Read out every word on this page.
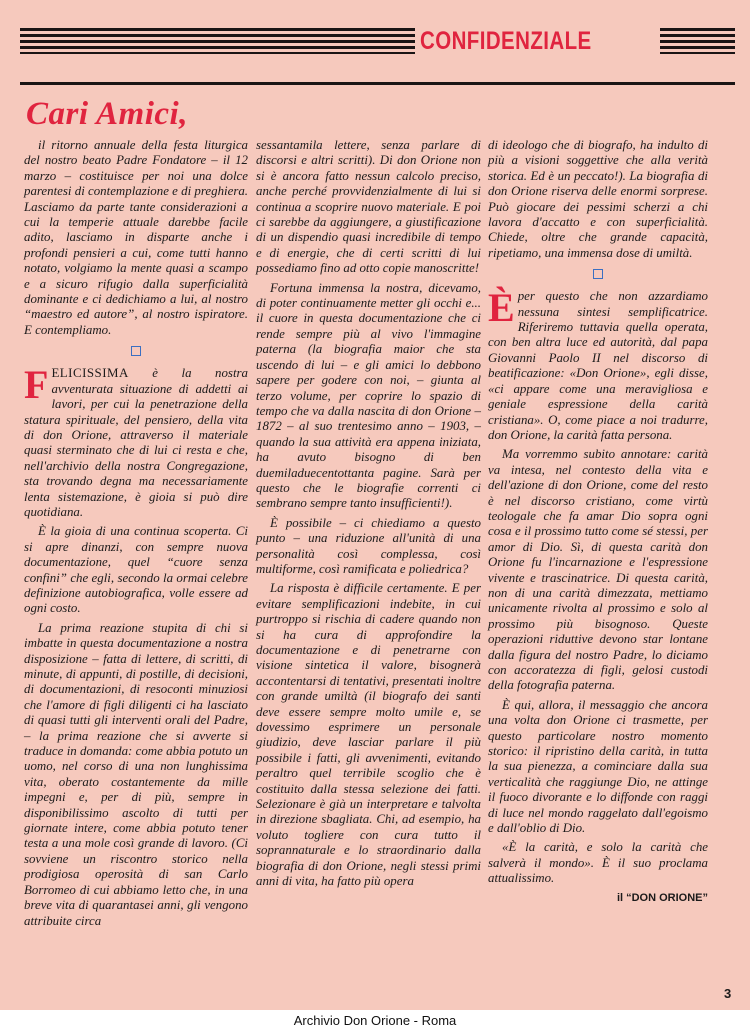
CONFIDENZIALE
Cari Amici,

il ritorno annuale della festa liturgica del nostro beato Padre Fondatore – il 12 marzo – costituisce per noi una dolce parentesi di contemplazione e di preghiera. Lasciamo da parte tante considerazioni a cui la temperie attuale darebbe facile adito, lasciamo in disparte anche i profondi pensieri a cui, come tutti hanno notato, volgiamo la mente quasi a scampo e a sicuro rifugio dalla superficialità dominante e ci dedichiamo a lui, al nostro “maestro ed autore”, al nostro ispiratore. E contempliamo.

FELICISSIMA è la nostra avventurata situazione di addetti ai lavori, per cui la penetrazione della statura spirituale, del pensiero, della vita di don Orione, attraverso il materiale quasi sterminato che di lui ci resta e che, nell'archivio della nostra Congregazione, sta trovando degna ma necessariamente lenta sistemazione, è gioia si può dire quotidiana.

È la gioia di una continua scoperta. Ci si apre dinanzi, con sempre nuova documentazione, quel “cuore senza confini” che egli, secondo la ormai celebre definizione autobiografica, volle essere ad ogni costo.

La prima reazione stupita di chi si imbatte in questa documentazione a nostra disposizione – fatta di lettere, di scritti, di minute, di appunti, di postille, di decisioni, di documentazioni, di resoconti minuziosi che l'amore di figli diligenti ci ha lasciato di quasi tutti gli interventi orali del Padre, – la prima reazione che si avverte si traduce in domanda: come abbia potuto un uomo, nel corso di una non lunghissima vita, oberato costantemente da mille impegni e, per di più, sempre in disponibilissimo ascolto di tutti per giornate intere, come abbia potuto tener testa a una mole così grande di lavoro. (Ci sovviene un riscontro storico nella prodigiosa operosità di san Carlo Borromeo di cui abbiamo letto che, in una breve vita di quarantasei anni, gli vengono attribuite circa

sessantamila lettere, senza parlare di discorsi e altri scritti). Di don Orione non si è ancora fatto nessun calcolo preciso, anche perché provvidenzialmente di lui si continua a scoprire nuovo materiale. E poi ci sarebbe da aggiungere, a giustificazione di un dispendio quasi incredibile di tempo e di energie, che di certi scritti di lui possediamo fino ad otto copie manoscritte!

Fortuna immensa la nostra, dicevamo, di poter continuamente metter gli occhi e... il cuore in questa documentazione che ci rende sempre più al vivo l'immagine paterna (la biografia maior che sta uscendo di lui – e gli amici lo debbono sapere per godere con noi, – giunta al terzo volume, per coprire lo spazio di tempo che va dalla nascita di don Orione – 1872 – al suo trentesimo anno – 1903, – quando la sua attività era appena iniziata, ha avuto bisogno di ben duemiladuecentottanta pagine. Sarà per questo che le biografie correnti ci sembrano sempre tanto insufficienti!).

È possibile – ci chiediamo a questo punto – una riduzione all'unità di una personalità così complessa, così multiforme, così ramificata e poliedrica?

La risposta è difficile certamente. E per evitare semplificazioni indebite, in cui purtroppo si rischia di cadere quando non si ha cura di approfondire la documentazione e di penetrarne con visione sintetica il valore, bisognerà accontentarsi di tentativi, presentati inoltre con grande umiltà (il biografo dei santi deve essere sempre molto umile e, se dovessimo esprimere un personale giudizio, deve lasciar parlare il più possibile i fatti, gli avvenimenti, evitando peraltro quel terribile scoglio che è costituito dalla stessa selezione dei fatti. Selezionare è già un interpretare e talvolta in direzione sbagliata. Chi, ad esempio, ha voluto togliere con cura tutto il soprannaturale e lo straordinario dalla biografia di don Orione, negli stessi primi anni di vita, ha fatto più opera

di ideologo che di biografo, ha indulto di più a visioni soggettive che alla verità storica. Ed è un peccato!). La biografia di don Orione riserva delle enormi sorprese. Può giocare dei pessimi scherzi a chi lavora d'accatto e con superficialità. Chiede, oltre che grande capacità, ripetiamo, una immensa dose di umiltà.

È per questo che non azzardiamo nessuna sintesi semplificatrice. Riferiremo tuttavia quella operata, con ben altra luce ed autorità, dal papa Giovanni Paolo II nel discorso di beatificazione: «Don Orione», egli disse, «ci appare come una meravigliosa e geniale espressione della carità cristiana». O, come piace a noi tradurre, don Orione, la carità fatta persona.

Ma vorremmo subito annotare: carità va intesa, nel contesto della vita e dell'azione di don Orione, come del resto è nel discorso cristiano, come virtù teologale che fa amar Dio sopra ogni cosa e il prossimo tutto come sé stessi, per amor di Dio. Sì, di questa carità don Orione fu l'incarnazione e l'espressione vivente e trascinatrice. Di questa carità, non di una carità dimezzata, mettiamo unicamente rivolta al prossimo e solo al prossimo più bisognoso. Queste operazioni riduttive devono star lontane dalla figura del nostro Padre, lo diciamo con accoratezza di figli, gelosi custodi della fotografia paterna.

È qui, allora, il messaggio che ancora una volta don Orione ci trasmette, per questo particolare nostro momento storico: il ripristino della carità, in tutta la sua pienezza, a cominciare dalla sua verticalità che raggiunge Dio, ne attinge il fuoco divorante e lo diffonde con raggi di luce nel mondo raggelato dall'egoismo e dall'oblio di Dio.

«È la carità, e solo la carità che salverà il mondo». È il suo proclama attualissimo.

il “DON ORIONE”
3
Archivio Don Orione - Roma
